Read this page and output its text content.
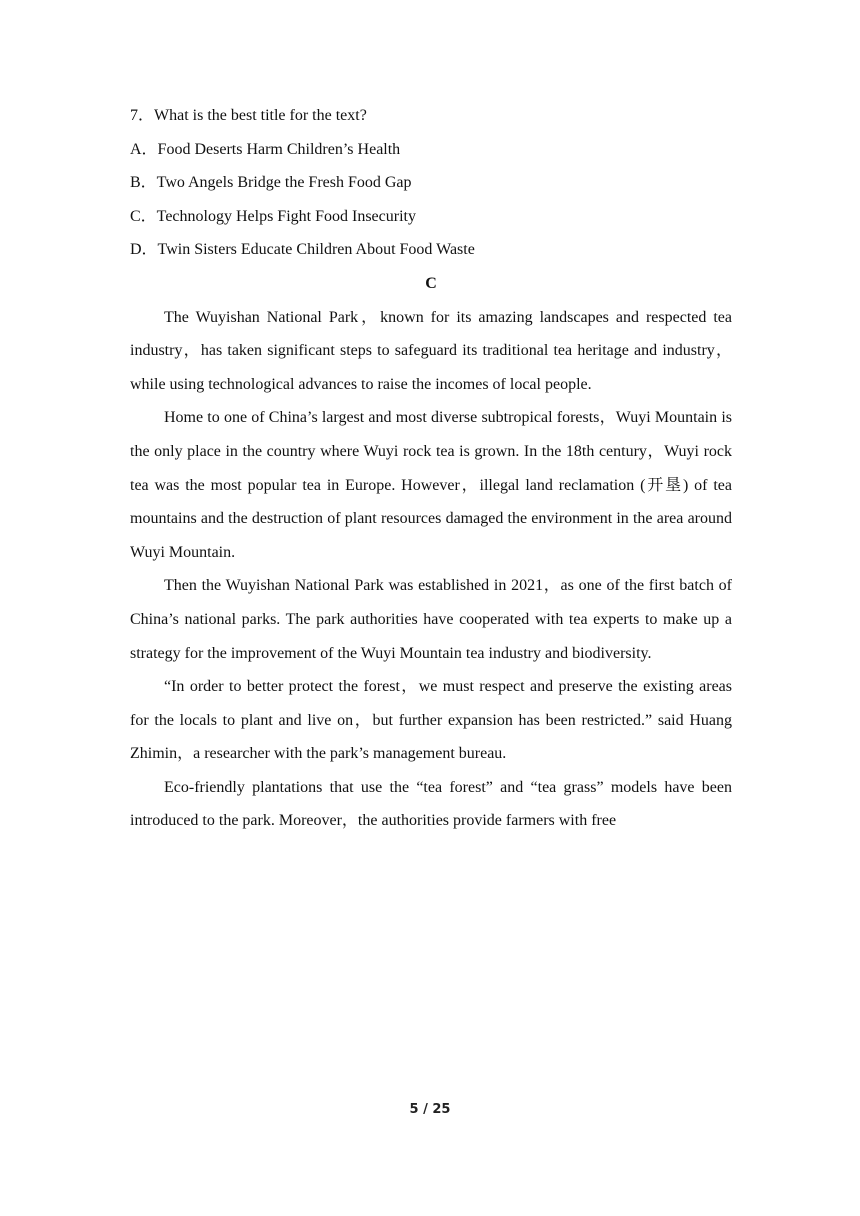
7．What is the best title for the text?
A．Food Deserts Harm Children’s Health
B．Two Angels Bridge the Fresh Food Gap
C．Technology Helps Fight Food Insecurity
D．Twin Sisters Educate Children About Food Waste
C

The Wuyishan National Park，known for its amazing landscapes and respected tea industry，has taken significant steps to safeguard its traditional tea heritage and industry，while using technological advances to raise the incomes of local people.

Home to one of China’s largest and most diverse subtropical forests，Wuyi Mountain is the only place in the country where Wuyi rock tea is grown. In the 18th century，Wuyi rock tea was the most popular tea in Europe. However，illegal land reclamation (开垦) of tea mountains and the destruction of plant resources damaged the environment in the area around Wuyi Mountain.

Then the Wuyishan National Park was established in 2021，as one of the first batch of China’s national parks. The park authorities have cooperated with tea experts to make up a strategy for the improvement of the Wuyi Mountain tea industry and biodiversity.

“In order to better protect the forest，we must respect and preserve the existing areas for the locals to plant and live on，but further expansion has been restricted.” said Huang Zhimin，a researcher with the park’s management bureau.

Eco-friendly plantations that use the “tea forest” and “tea grass” models have been introduced to the park. Moreover，the authorities provide farmers with free

5 / 25
